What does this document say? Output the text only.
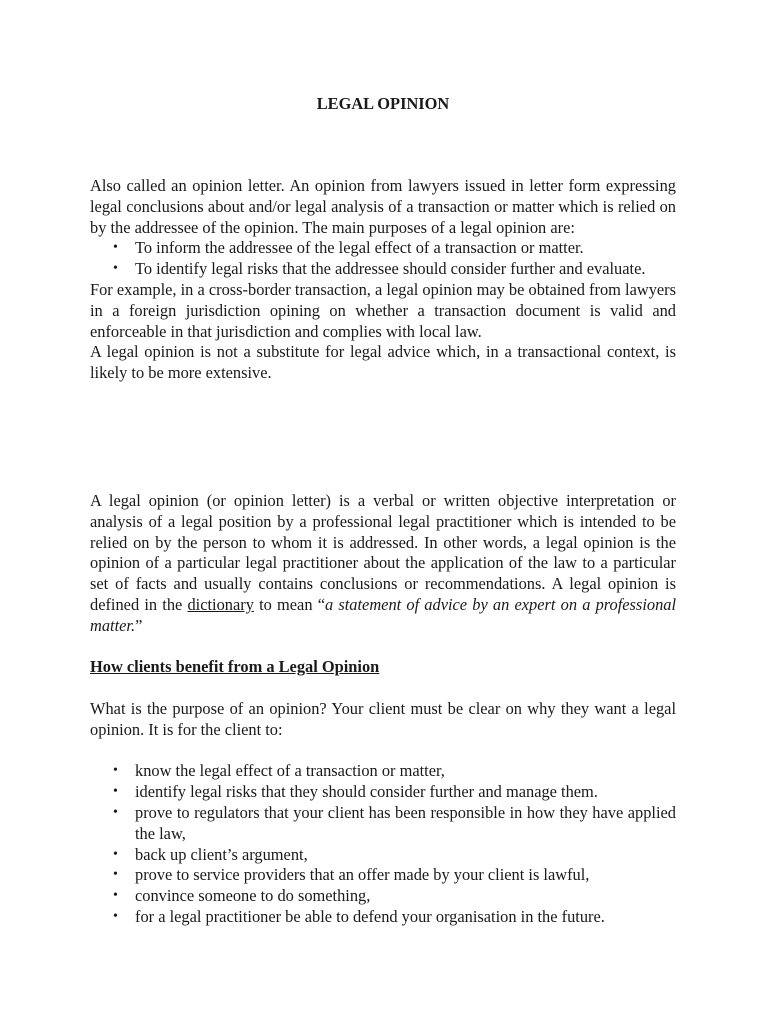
LEGAL OPINION

Also called an opinion letter. An opinion from lawyers issued in letter form expressing legal conclusions about and/or legal analysis of a transaction or matter which is relied on by the addressee of the opinion. The main purposes of a legal opinion are:

• To inform the addressee of the legal effect of a transaction or matter.
• To identify legal risks that the addressee should consider further and evaluate.

For example, in a cross-border transaction, a legal opinion may be obtained from lawyers in a foreign jurisdiction opining on whether a transaction document is valid and enforceable in that jurisdiction and complies with local law.

A legal opinion is not a substitute for legal advice which, in a transactional context, is likely to be more extensive.

A legal opinion (or opinion letter) is a verbal or written objective interpretation or analysis of a legal position by a professional legal practitioner which is intended to be relied on by the person to whom it is addressed. In other words, a legal opinion is the opinion of a particular legal practitioner about the application of the law to a particular set of facts and usually contains conclusions or recommendations. A legal opinion is defined in the dictionary to mean “a statement of advice by an expert on a professional matter.”

How clients benefit from a Legal Opinion

What is the purpose of an opinion? Your client must be clear on why they want a legal opinion. It is for the client to:

• know the legal effect of a transaction or matter,
• identify legal risks that they should consider further and manage them.
• prove to regulators that your client has been responsible in how they have applied the law,
• back up client’s argument,
• prove to service providers that an offer made by your client is lawful,
• convince someone to do something,
• for a legal practitioner be able to defend your organisation in the future.
